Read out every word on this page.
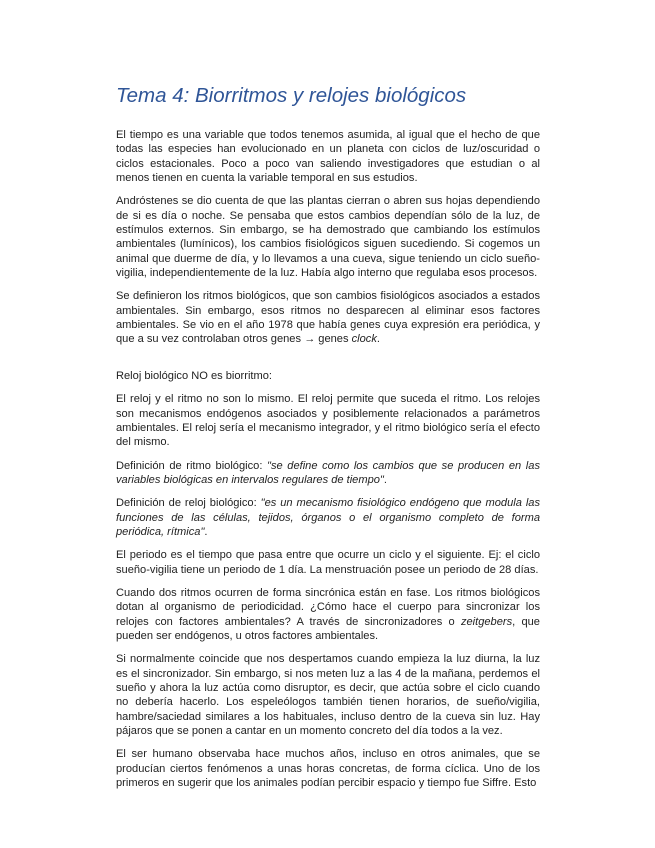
Tema 4: Biorritmos y relojes biológicos

El tiempo es una variable que todos tenemos asumida, al igual que el hecho de que todas las especies han evolucionado en un planeta con ciclos de luz/oscuridad o ciclos estacionales. Poco a poco van saliendo investigadores que estudian o al menos tienen en cuenta la variable temporal en sus estudios.

Andróstenes se dio cuenta de que las plantas cierran o abren sus hojas dependiendo de si es día o noche. Se pensaba que estos cambios dependían sólo de la luz, de estímulos externos. Sin embargo, se ha demostrado que cambiando los estímulos ambientales (lumínicos), los cambios fisiológicos siguen sucediendo. Si cogemos un animal que duerme de día, y lo llevamos a una cueva, sigue teniendo un ciclo sueño-vigilia, independientemente de la luz. Había algo interno que regulaba esos procesos.

Se definieron los ritmos biológicos, que son cambios fisiológicos asociados a estados ambientales. Sin embargo, esos ritmos no desparecen al eliminar esos factores ambientales. Se vio en el año 1978 que había genes cuya expresión era periódica, y que a su vez controlaban otros genes → genes clock.

Reloj biológico NO es biorritmo:

El reloj y el ritmo no son lo mismo. El reloj permite que suceda el ritmo. Los relojes son mecanismos endógenos asociados y posiblemente relacionados a parámetros ambientales. El reloj sería el mecanismo integrador, y el ritmo biológico sería el efecto del mismo.

Definición de ritmo biológico: "se define como los cambios que se producen en las variables biológicas en intervalos regulares de tiempo".

Definición de reloj biológico: "es un mecanismo fisiológico endógeno que modula las funciones de las células, tejidos, órganos o el organismo completo de forma periódica, rítmica".

El periodo es el tiempo que pasa entre que ocurre un ciclo y el siguiente. Ej: el ciclo sueño-vigilia tiene un periodo de 1 día. La menstruación posee un periodo de 28 días.

Cuando dos ritmos ocurren de forma sincrónica están en fase. Los ritmos biológicos dotan al organismo de periodicidad. ¿Cómo hace el cuerpo para sincronizar los relojes con factores ambientales? A través de sincronizadores o zeitgebers, que pueden ser endógenos, u otros factores ambientales.

Si normalmente coincide que nos despertamos cuando empieza la luz diurna, la luz es el sincronizador. Sin embargo, si nos meten luz a las 4 de la mañana, perdemos el sueño y ahora la luz actúa como disruptor, es decir, que actúa sobre el ciclo cuando no debería hacerlo. Los espeleólogos también tienen horarios, de sueño/vigilia, hambre/saciedad similares a los habituales, incluso dentro de la cueva sin luz. Hay pájaros que se ponen a cantar en un momento concreto del día todos a la vez.

El ser humano observaba hace muchos años, incluso en otros animales, que se producían ciertos fenómenos a unas horas concretas, de forma cíclica. Uno de los primeros en sugerir que los animales podían percibir espacio y tiempo fue Siffre. Esto
